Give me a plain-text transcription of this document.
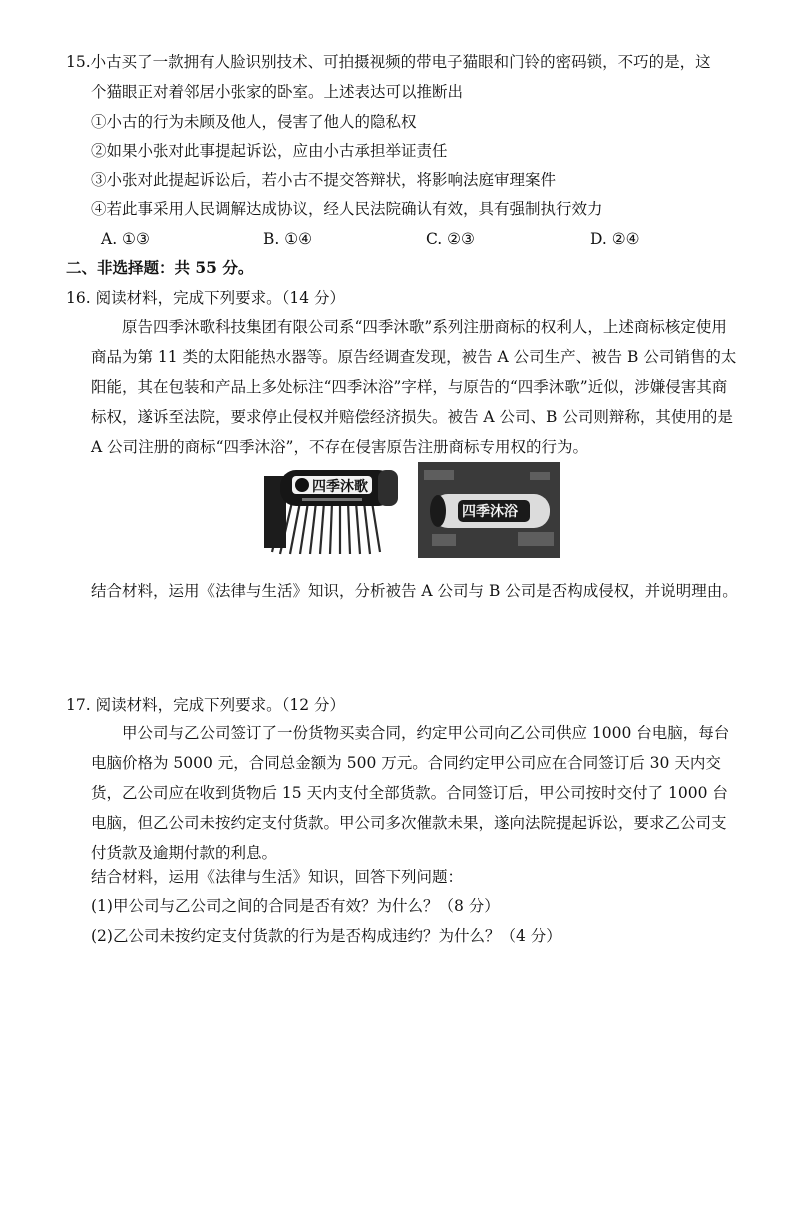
15.小古买了一款拥有人脸识别技术、可拍摄视频的带电子猫眼和门铃的密码锁，不巧的是，这
个猫眼正对着邻居小张家的卧室。上述表达可以推断出
①小古的行为未顾及他人，侵害了他人的隐私权
②如果小张对此事提起诉讼，应由小古承担举证责任
③小张对此提起诉讼后，若小古不提交答辩状，将影响法庭审理案件
④若此事采用人民调解达成协议，经人民法院确认有效，具有强制执行效力
A. ①③	B. ①④	C. ②③	D. ②④
二、非选择题：共 55 分。
16. 阅读材料，完成下列要求。（14 分）
原告四季沐歌科技集团有限公司系“四季沐歌”系列注册商标的权利人，上述商标核定使用商品为第 11 类的太阳能热水器等。原告经调查发现，被告 A 公司生产、被告 B 公司销售的太阳能，其在包装和产品上多处标注“四季沐浴”字样，与原告的“四季沐歌”近似，涉嫌侵害其商标权，遂诉至法院，要求停止侵权并赔偿经济损失。被告 A 公司、B 公司则辩称，其使用的是 A 公司注册的商标“四季沐浴”，不存在侵害原告注册商标专用权的行为。
四季沐歌
四季沐浴
结合材料，运用《法律与生活》知识，分析被告 A 公司与 B 公司是否构成侵权，并说明理由。
17. 阅读材料，完成下列要求。（12 分）
甲公司与乙公司签订了一份货物买卖合同，约定甲公司向乙公司供应 1000 台电脑，每台电脑价格为 5000 元，合同总金额为 500 万元。合同约定甲公司应在合同签订后 30 天内交货，乙公司应在收到货物后 15 天内支付全部货款。合同签订后，甲公司按时交付了 1000 台电脑，但乙公司未按约定支付货款。甲公司多次催款未果，遂向法院提起诉讼，要求乙公司支付货款及逾期付款的利息。
结合材料，运用《法律与生活》知识，回答下列问题：
(1)甲公司与乙公司之间的合同是否有效？为什么？（8 分）
(2)乙公司未按约定支付货款的行为是否构成违约？为什么？（4 分）
